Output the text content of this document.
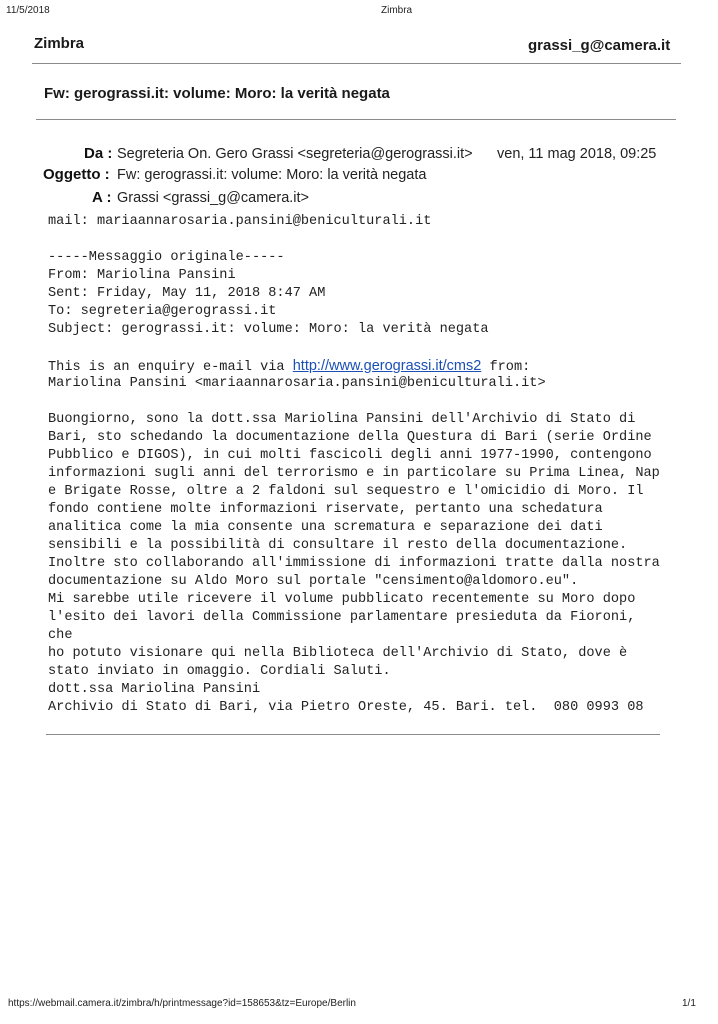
11/5/2018	Zimbra
Zimbra	grassi_g@camera.it
Fw: gerograssi.it: volume: Moro: la verità negata
Da : Segreteria On. Gero Grassi <segreteria@gerograssi.it> ven, 11 mag 2018, 09:25
Oggetto : Fw: gerograssi.it: volume: Moro: la verità negata
A : Grassi <grassi_g@camera.it>
mail: mariaannarosaria.pansini@beniculturali.it
-----Messaggio originale-----
From: Mariolina Pansini
Sent: Friday, May 11, 2018 8:47 AM
To: segreteria@gerograssi.it
Subject: gerograssi.it: volume: Moro: la verità negata
This is an enquiry e-mail via http://www.gerograssi.it/cms2 from:
Mariolina Pansini <mariaannarosaria.pansini@beniculturali.it>
Buongiorno, sono la dott.ssa Mariolina Pansini dell'Archivio di Stato di
Bari, sto schedando la documentazione della Questura di Bari (serie Ordine
Pubblico e DIGOS), in cui molti fascicoli degli anni 1977-1990, contengono
informazioni sugli anni del terrorismo e in particolare su Prima Linea, Nap
e Brigate Rosse, oltre a 2 faldoni sul sequestro e l'omicidio di Moro. Il
fondo contiene molte informazioni riservate, pertanto una schedatura
analitica come la mia consente una scrematura e separazione dei dati
sensibili e la possibilità di consultare il resto della documentazione.
Inoltre sto collaborando all'immissione di informazioni tratte dalla nostra
documentazione su Aldo Moro sul portale "censimento@aldomoro.eu".
Mi sarebbe utile ricevere il volume pubblicato recentemente su Moro dopo
l'esito dei lavori della Commissione parlamentare presieduta da Fioroni,
che
ho potuto visionare qui nella Biblioteca dell'Archivio di Stato, dove è
stato inviato in omaggio. Cordiali Saluti.
dott.ssa Mariolina Pansini
Archivio di Stato di Bari, via Pietro Oreste, 45. Bari. tel.  080 0993 08
https://webmail.camera.it/zimbra/h/printmessage?id=158653&tz=Europe/Berlin	1/1
